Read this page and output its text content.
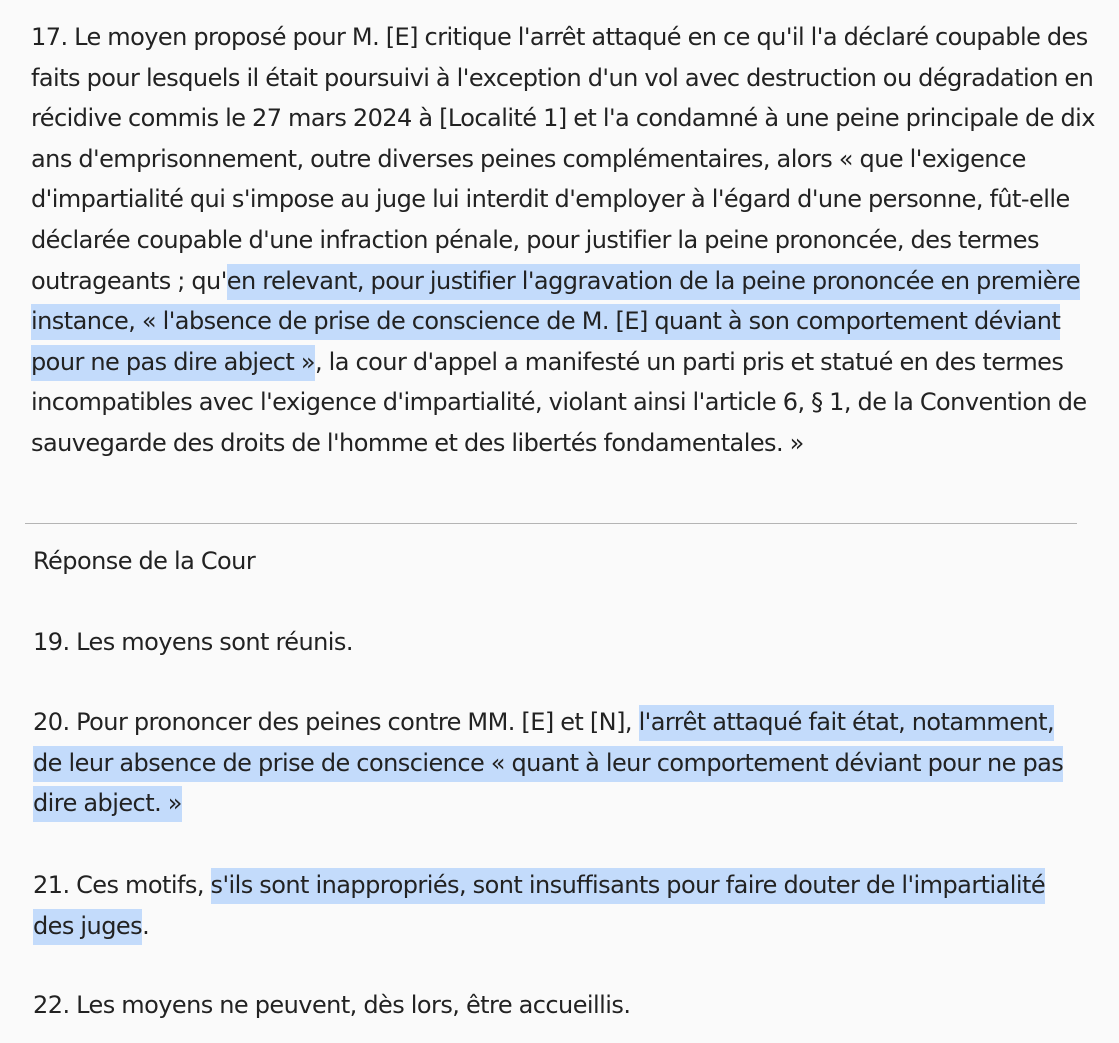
17. Le moyen proposé pour M. [E] critique l'arrêt attaqué en ce qu'il l'a déclaré coupable des faits pour lesquels il était poursuivi à l'exception d'un vol avec destruction ou dégradation en récidive commis le 27 mars 2024 à [Localité 1] et l'a condamné à une peine principale de dix ans d'emprisonnement, outre diverses peines complémentaires, alors « que l'exigence d'impartialité qui s'impose au juge lui interdit d'employer à l'égard d'une personne, fût-elle déclarée coupable d'une infraction pénale, pour justifier la peine prononcée, des termes outrageants ; qu'en relevant, pour justifier l'aggravation de la peine prononcée en première instance, « l'absence de prise de conscience de M. [E] quant à son comportement déviant pour ne pas dire abject », la cour d'appel a manifesté un parti pris et statué en des termes incompatibles avec l'exigence d'impartialité, violant ainsi l'article 6, § 1, de la Convention de sauvegarde des droits de l'homme et des libertés fondamentales. »

Réponse de la Cour

19. Les moyens sont réunis.

20. Pour prononcer des peines contre MM. [E] et [N], l'arrêt attaqué fait état, notamment, de leur absence de prise de conscience « quant à leur comportement déviant pour ne pas dire abject. »

21. Ces motifs, s'ils sont inappropriés, sont insuffisants pour faire douter de l'impartialité des juges.

22. Les moyens ne peuvent, dès lors, être accueillis.
